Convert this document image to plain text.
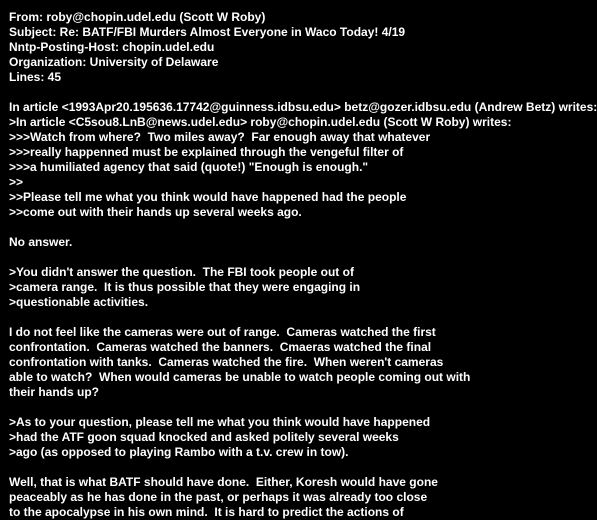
From: roby@chopin.udel.edu (Scott W Roby)
Subject: Re: BATF/FBI Murders Almost Everyone in Waco Today! 4/19
Nntp-Posting-Host: chopin.udel.edu
Organization: University of Delaware
Lines: 45
In article <1993Apr20.195636.17742@guinness.idbsu.edu> betz@gozer.idbsu.edu (Andrew Betz) writes:
>In article <C5sou8.LnB@news.udel.edu> roby@chopin.udel.edu (Scott W Roby) writes:
>>>Watch from where?  Two miles away?  Far enough away that whatever
>>>really happenned must be explained through the vengeful filter of
>>>a humiliated agency that said (quote!) "Enough is enough."
>>
>>Please tell me what you think would have happened had the people
>>come out with their hands up several weeks ago.
No answer.
>You didn't answer the question.  The FBI took people out of
>camera range.  It is thus possible that they were engaging in
>questionable activities.
I do not feel like the cameras were out of range.  Cameras watched the first
confrontation.  Cameras watched the banners.  Cmaeras watched the final
confrontation with tanks.  Cameras watched the fire.  When weren't cameras
able to watch?  When would cameras be unable to watch people coming out with
their hands up?
>As to your question, please tell me what you think would have happened
>had the ATF goon squad knocked and asked politely several weeks
>ago (as opposed to playing Rambo with a t.v. crew in tow).
Well, that is what BATF should have done.  Either, Koresh would have gone
peaceably as he has done in the past, or perhaps it was already too close
to the apocalypse in his own mind.  It is hard to predict the actions of
